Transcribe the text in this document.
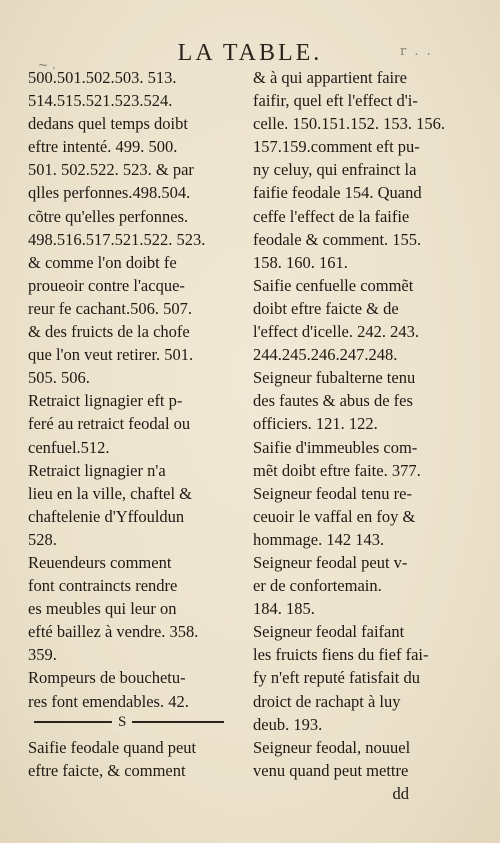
~ .	LA TABLE.	r . .
500.501.502.503. 513.
514.515.521.523.524.
dedans quel temps doibt
eftre intenté. 499. 500.
501. 502.522. 523. & par
qlles perfonnes.498.504.
cõtre qu'elles perfonnes.
498.516.517.521.522. 523.
& comme l'on doibt fe
proueoir contre l'acque-
reur fe cachant.506. 507.
& des fruicts de la chofe
que l'on veut retirer. 501.
505. 506.
Retraict lignagier eft p-
feré au retraict feodal ou
cenfuel.512.
Retraict lignagier n'a
lieu en la ville, chaftel &
chaftelenie d'Yffouldun
528.
Reuendeurs comment
font contraincts rendre
es meubles qui leur on
efté baillez à vendre. 358.
359.
Rompeurs de bouchetu-
res font emendables. 42.
S
Saifie feodale quand peut
eftre faicte, & comment
& à qui appartient faire
faifir, quel eft l'effect d'i-
celle. 150.151.152. 153. 156.
157.159.comment eft pu-
ny celuy, qui enfrainct la
faifie feodale 154. Quand
ceffe l'effect de la faifie
feodale & comment. 155.
158. 160. 161.
Saifie cenfuelle commẽt
doibt eftre faicte & de
l'effect d'icelle. 242. 243.
244.245.246.247.248.
Seigneur fubalterne tenu
des fautes & abus de fes
officiers. 121. 122.
Saifie d'immeubles com-
mẽt doibt eftre faite. 377.
Seigneur feodal tenu re-
ceuoir le vaffal en foy &
hommage. 142 143.
Seigneur feodal peut v-
er de confortemain.
184. 185.
Seigneur feodal faifant
les fruicts fiens du fief fai-
fy n'eft reputé fatisfait du
droict de rachapt à luy
deub. 193.
Seigneur feodal, nouuel
venu quand peut mettre
dd
